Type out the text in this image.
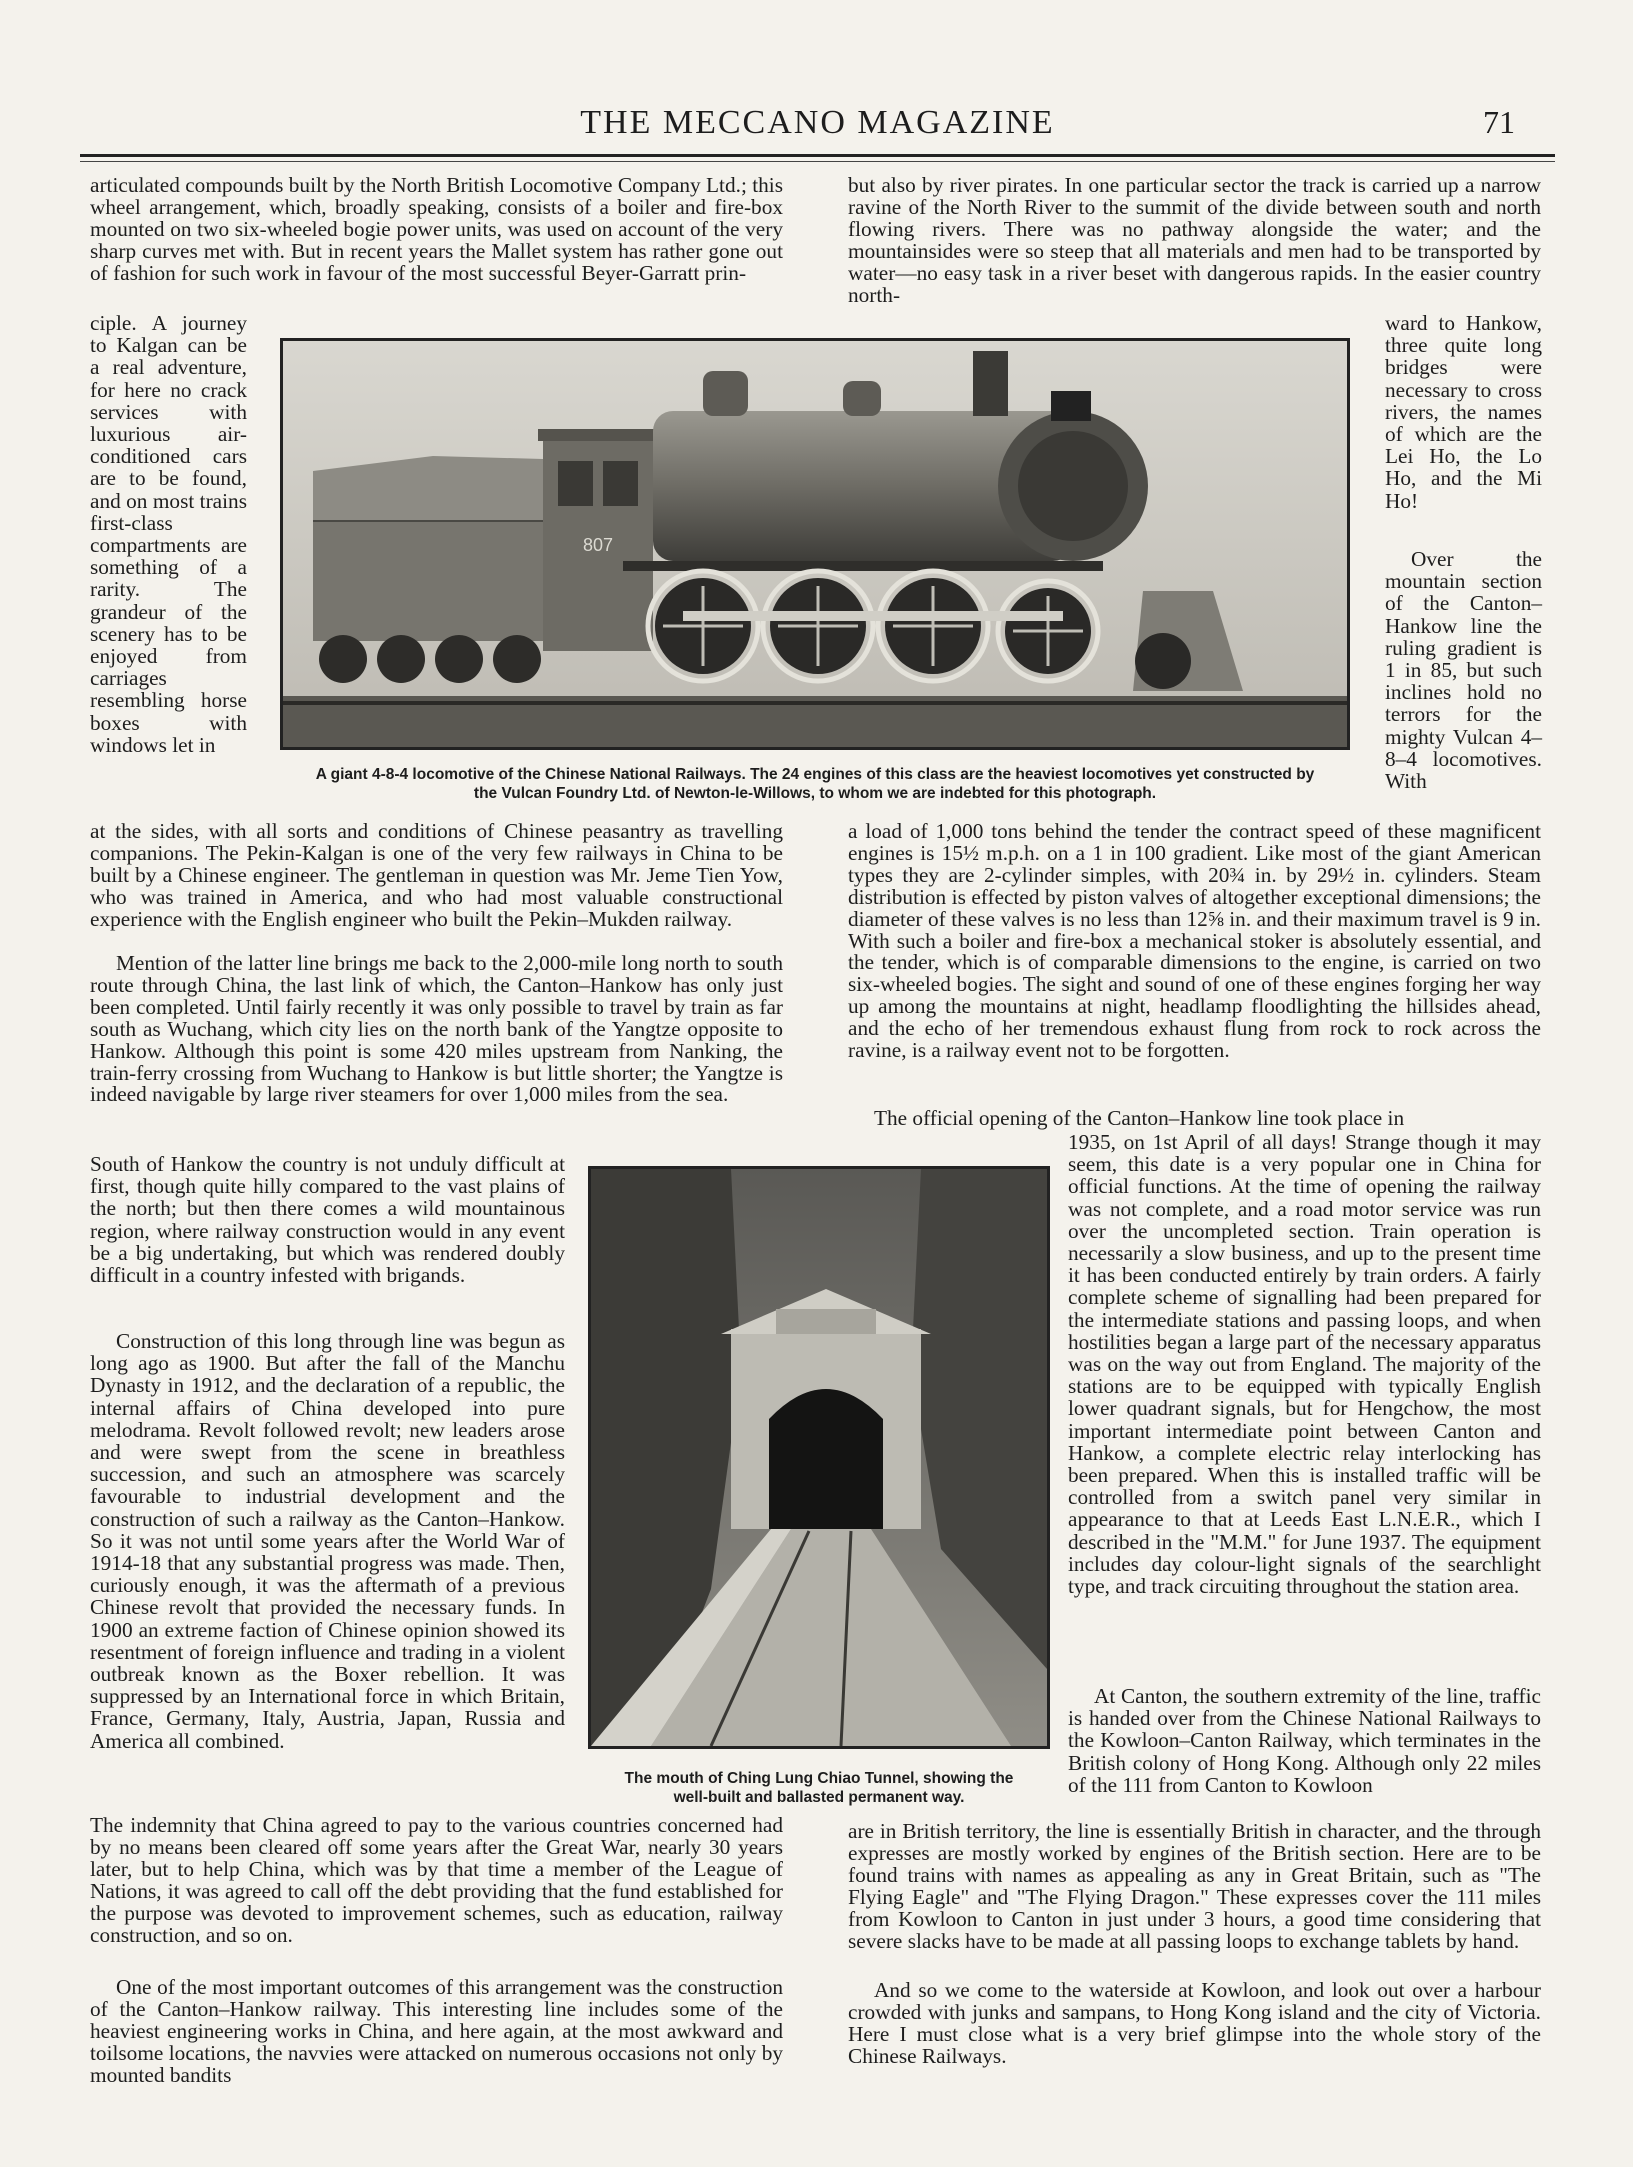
THE MECCANO MAGAZINE	71

articulated compounds built by the North British Locomotive Company Ltd.; this wheel arrangement, which, broadly speaking, consists of a boiler and fire-box mounted on two six-wheeled bogie power units, was used on account of the very sharp curves met with. But in recent years the Mallet system has rather gone out of fashion for such work in favour of the most successful Beyer-Garratt prin-

ciple. A journey to Kalgan can be a real adventure, for here no crack services with luxurious air-conditioned cars are to be found, and on most trains first-class compartments are something of a rarity. The grandeur of the scenery has to be enjoyed from carriages resembling horse boxes with windows let in

at the sides, with all sorts and conditions of Chinese peasantry as travelling companions. The Pekin-Kalgan is one of the very few railways in China to be built by a Chinese engineer. The gentleman in question was Mr. Jeme Tien Yow, who was trained in America, and who had most valuable constructional experience with the English engineer who built the Pekin–Mukden railway.

Mention of the latter line brings me back to the 2,000-mile long north to south route through China, the last link of which, the Canton–Hankow has only just been completed. Until fairly recently it was only possible to travel by train as far south as Wuchang, which city lies on the north bank of the Yangtze opposite to Hankow. Although this point is some 420 miles upstream from Nanking, the train-ferry crossing from Wuchang to Hankow is but little shorter; the Yangtze is indeed navigable by large river steamers for over 1,000 miles from the sea.

South of Hankow the country is not unduly difficult at first, though quite hilly compared to the vast plains of the north; but then there comes a wild mountainous region, where railway construction would in any event be a big undertaking, but which was rendered doubly difficult in a country infested with brigands.

Construction of this long through line was begun as long ago as 1900. But after the fall of the Manchu Dynasty in 1912, and the declaration of a republic, the internal affairs of China developed into pure melodrama. Revolt followed revolt; new leaders arose and were swept from the scene in breathless succession, and such an atmosphere was scarcely favourable to industrial development and the construction of such a railway as the Canton–Hankow. So it was not until some years after the World War of 1914-18 that any substantial progress was made. Then, curiously enough, it was the aftermath of a previous Chinese revolt that provided the necessary funds. In 1900 an extreme faction of Chinese opinion showed its resentment of foreign influence and trading in a violent outbreak known as the Boxer rebellion. It was suppressed by an International force in which Britain, France, Germany, Italy, Austria, Japan, Russia and America all combined.

The indemnity that China agreed to pay to the various countries concerned had by no means been cleared off some years after the Great War, nearly 30 years later, but to help China, which was by that time a member of the League of Nations, it was agreed to call off the debt providing that the fund established for the purpose was devoted to improvement schemes, such as education, railway construction, and so on.

One of the most important outcomes of this arrangement was the construction of the Canton–Hankow railway. This interesting line includes some of the heaviest engineering works in China, and here again, at the most awkward and toilsome locations, the navvies were attacked on numerous occasions not only by mounted bandits

but also by river pirates. In one particular sector the track is carried up a narrow ravine of the North River to the summit of the divide between south and north flowing rivers. There was no pathway alongside the water; and the mountainsides were so steep that all materials and men had to be transported by water—no easy task in a river beset with dangerous rapids. In the easier country north-

ward to Hankow, three quite long bridges were necessary to cross rivers, the names of which are the Lei Ho, the Lo Ho, and the Mi Ho!

Over the mountain section of the Canton–Hankow line the ruling gradient is 1 in 85, but such inclines hold no terrors for the mighty Vulcan 4–8–4 locomotives. With

a load of 1,000 tons behind the tender the contract speed of these magnificent engines is 15½ m.p.h. on a 1 in 100 gradient. Like most of the giant American types they are 2-cylinder simples, with 20¾ in. by 29½ in. cylinders. Steam distribution is effected by piston valves of altogether exceptional dimensions; the diameter of these valves is no less than 12⅝ in. and their maximum travel is 9 in. With such a boiler and fire-box a mechanical stoker is absolutely essential, and the tender, which is of comparable dimensions to the engine, is carried on two six-wheeled bogies. The sight and sound of one of these engines forging her way up among the mountains at night, headlamp floodlighting the hillsides ahead, and the echo of her tremendous exhaust flung from rock to rock across the ravine, is a railway event not to be forgotten.

The official opening of the Canton–Hankow line took place in

1935, on 1st April of all days! Strange though it may seem, this date is a very popular one in China for official functions. At the time of opening the railway was not complete, and a road motor service was run over the uncompleted section. Train operation is necessarily a slow business, and up to the present time it has been conducted entirely by train orders. A fairly complete scheme of signalling had been prepared for the intermediate stations and passing loops, and when hostilities began a large part of the necessary apparatus was on the way out from England. The majority of the stations are to be equipped with typically English lower quadrant signals, but for Hengchow, the most important intermediate point between Canton and Hankow, a complete electric relay interlocking has been prepared. When this is installed traffic will be controlled from a switch panel very similar in appearance to that at Leeds East L.N.E.R., which I described in the "M.M." for June 1937. The equipment includes day colour-light signals of the searchlight type, and track circuiting throughout the station area.

At Canton, the southern extremity of the line, traffic is handed over from the Chinese National Railways to the Kowloon–Canton Railway, which terminates in the British colony of Hong Kong. Although only 22 miles of the 111 from Canton to Kowloon

are in British territory, the line is essentially British in character, and the through expresses are mostly worked by engines of the British section. Here are to be found trains with names as appealing as any in Great Britain, such as "The Flying Eagle" and "The Flying Dragon." These expresses cover the 111 miles from Kowloon to Canton in just under 3 hours, a good time considering that severe slacks have to be made at all passing loops to exchange tablets by hand.

And so we come to the waterside at Kowloon, and look out over a harbour crowded with junks and sampans, to Hong Kong island and the city of Victoria. Here I must close what is a very brief glimpse into the whole story of the Chinese Railways.

807
A giant 4-8-4 locomotive of the Chinese National Railways. The 24 engines of this class are the heaviest locomotives yet constructed by
the Vulcan Foundry Ltd. of Newton-le-Willows, to whom we are indebted for this photograph.
The mouth of Ching Lung Chiao Tunnel, showing the
well-built and ballasted permanent way.
